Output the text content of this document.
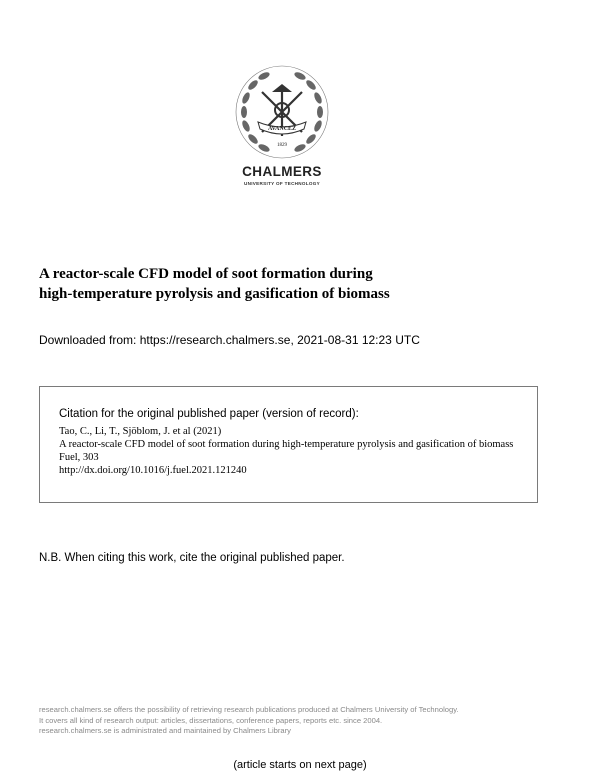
AVANCEZ
1829
CHALMERS
UNIVERSITY OF TECHNOLOGY
A reactor-scale CFD model of soot formation during
high-temperature pyrolysis and gasification of biomass
Downloaded from: https://research.chalmers.se, 2021-08-31 12:23 UTC
Citation for the original published paper (version of record):
Tao, C., Li, T., Sjöblom, J. et al (2021)
A reactor-scale CFD model of soot formation during high-temperature pyrolysis and gasification of biomass
Fuel, 303
http://dx.doi.org/10.1016/j.fuel.2021.121240
N.B. When citing this work, cite the original published paper.
research.chalmers.se offers the possibility of retrieving research publications produced at Chalmers University of Technology.
It covers all kind of research output: articles, dissertations, conference papers, reports etc. since 2004.
research.chalmers.se is administrated and maintained by Chalmers Library
(article starts on next page)
